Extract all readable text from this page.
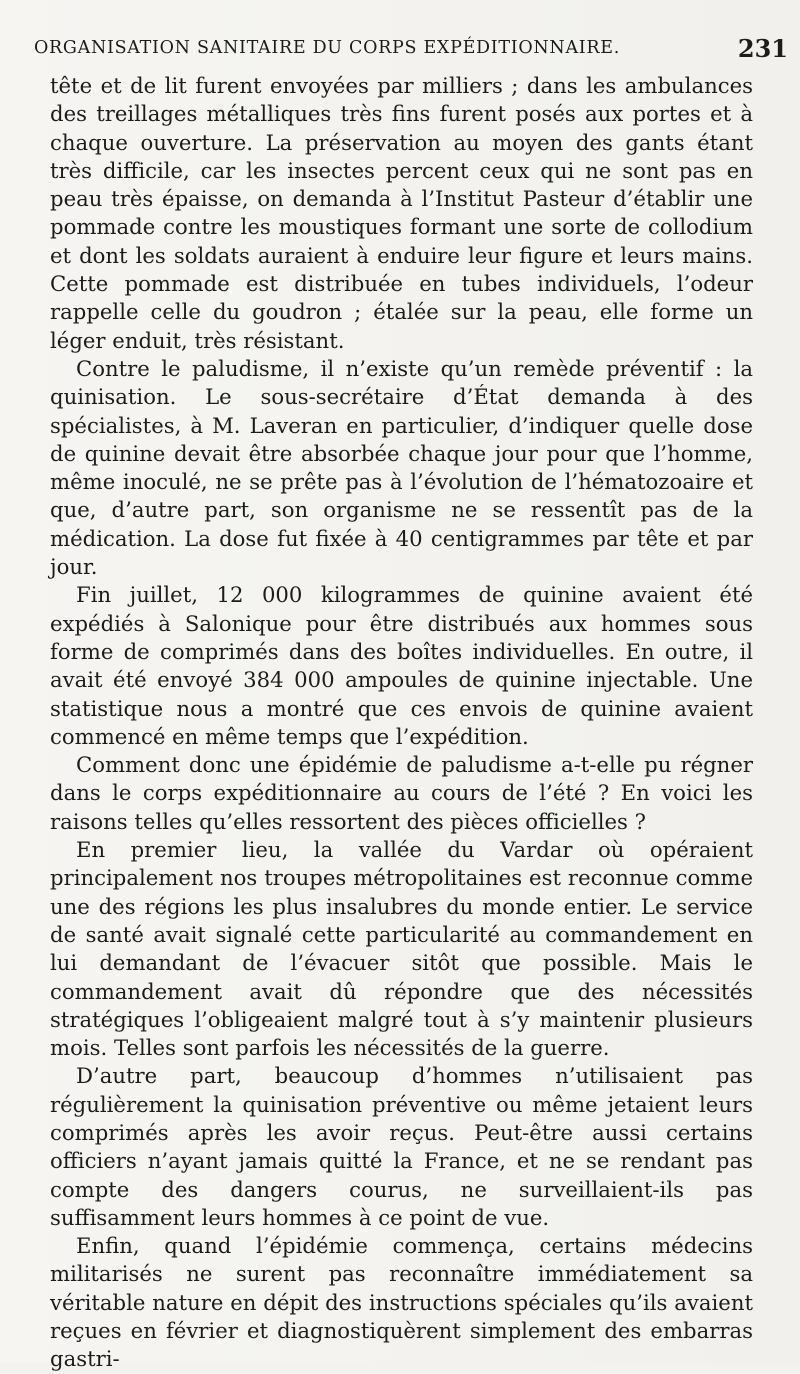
ORGANISATION SANITAIRE DU CORPS EXPÉDITIONNAIRE.	231

tête et de lit furent envoyées par milliers ; dans les ambulances des treillages métalliques très fins furent posés aux portes et à chaque ouverture. La préservation au moyen des gants étant très difficile, car les insectes percent ceux qui ne sont pas en peau très épaisse, on demanda à l’Institut Pasteur d’établir une pommade contre les moustiques formant une sorte de collodium et dont les soldats auraient à enduire leur figure et leurs mains. Cette pommade est distribuée en tubes individuels, l’odeur rappelle celle du goudron ; étalée sur la peau, elle forme un léger enduit, très résistant.

Contre le paludisme, il n’existe qu’un remède préventif : la quinisation. Le sous-secrétaire d’État demanda à des spécialistes, à M. Laveran en particulier, d’indiquer quelle dose de quinine devait être absorbée chaque jour pour que l’homme, même inoculé, ne se prête pas à l’évolution de l’hématozoaire et que, d’autre part, son organisme ne se ressentît pas de la médication. La dose fut fixée à 40 centigrammes par tête et par jour.

Fin juillet, 12 000 kilogrammes de quinine avaient été expédiés à Salonique pour être distribués aux hommes sous forme de comprimés dans des boîtes individuelles. En outre, il avait été envoyé 384 000 ampoules de quinine injectable. Une statistique nous a montré que ces envois de quinine avaient commencé en même temps que l’expédition.

Comment donc une épidémie de paludisme a-t-elle pu régner dans le corps expéditionnaire au cours de l’été ? En voici les raisons telles qu’elles ressortent des pièces officielles ?

En premier lieu, la vallée du Vardar où opéraient principalement nos troupes métropolitaines est reconnue comme une des régions les plus insalubres du monde entier. Le service de santé avait signalé cette particularité au commandement en lui demandant de l’évacuer sitôt que possible. Mais le commandement avait dû répondre que des nécessités stratégiques l’obligeaient malgré tout à s’y maintenir plusieurs mois. Telles sont parfois les nécessités de la guerre.

D’autre part, beaucoup d’hommes n’utilisaient pas régulièrement la quinisation préventive ou même jetaient leurs comprimés après les avoir reçus. Peut-être aussi certains officiers n’ayant jamais quitté la France, et ne se rendant pas compte des dangers courus, ne surveillaient-ils pas suffisamment leurs hommes à ce point de vue.

Enfin, quand l’épidémie commença, certains médecins militarisés ne surent pas reconnaître immédiatement sa véritable nature en dépit des instructions spéciales qu’ils avaient reçues en février et diagnostiquèrent simplement des embarras gastri-
